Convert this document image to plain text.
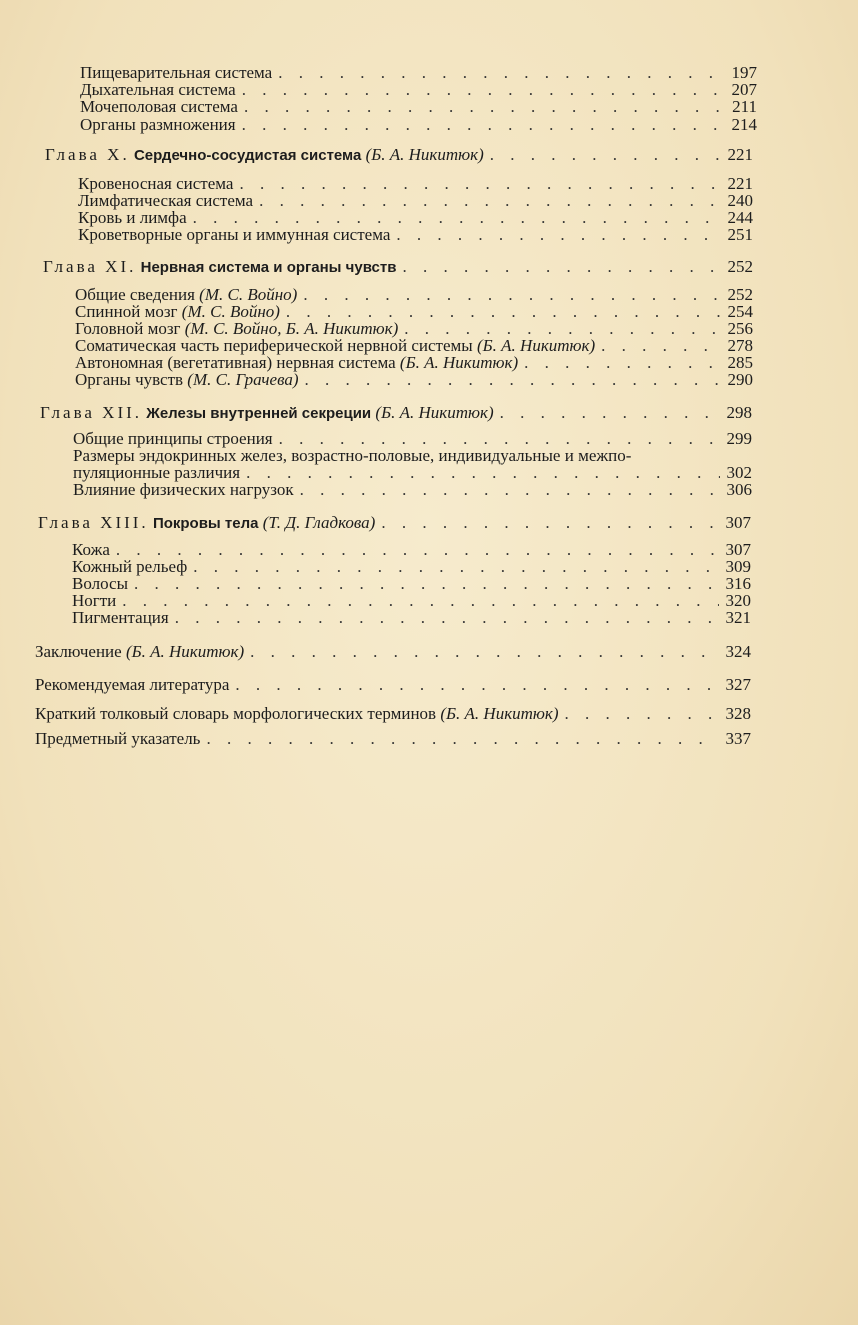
Пищеварительная система . . .	197
Дыхательная система . . .	207
Мочеполовая система . . .	211
Органы размножения . . .	214
Глава X.
Сердечно-сосудистая система
(Б. А. Никитюк) . . .	221
Кровеносная система . . .	221
Лимфатическая система . . .	240
Кровь и лимфа . . .	244
Кроветворные органы и иммунная система . . .	251
Глава XI.
Нервная система и органы чувств . . .	252
Общие сведения
(М. С. Войно) . . .	252
Спинной мозг
(М. С. Войно) . . .	254
Головной мозг
(М. С. Войно, Б. А. Никитюк) . . .	256
Соматическая часть периферической нервной системы
(Б. А. Никитюк) . . .	278
Автономная (вегетативная) нервная система
(Б. А. Никитюк) . . .	285
Органы чувств
(М. С. Грачева) . . .	290
Глава XII.
Железы внутренней секреции
(Б. А. Никитюк) . . .	298
Общие принципы строения . . .	299
Размеры эндокринных желез, возрастно-половые, индивидуальные и межпо-
пуляционные различия . . .	302
Влияние физических нагрузок . . .	306
Глава XIII.
Покровы тела
(Т. Д. Гладкова) . . .	307
Кожа . . .	307
Кожный рельеф . . .	309
Волосы . . .	316
Ногти . . .	320
Пигментация . . .	321
Заключение
(Б. А. Никитюк) . . .	324
Рекомендуемая литература . . .	327
Краткий толковый словарь морфологических терминов
(Б. А. Никитюк) . . .	328
Предметный указатель . . .	337
